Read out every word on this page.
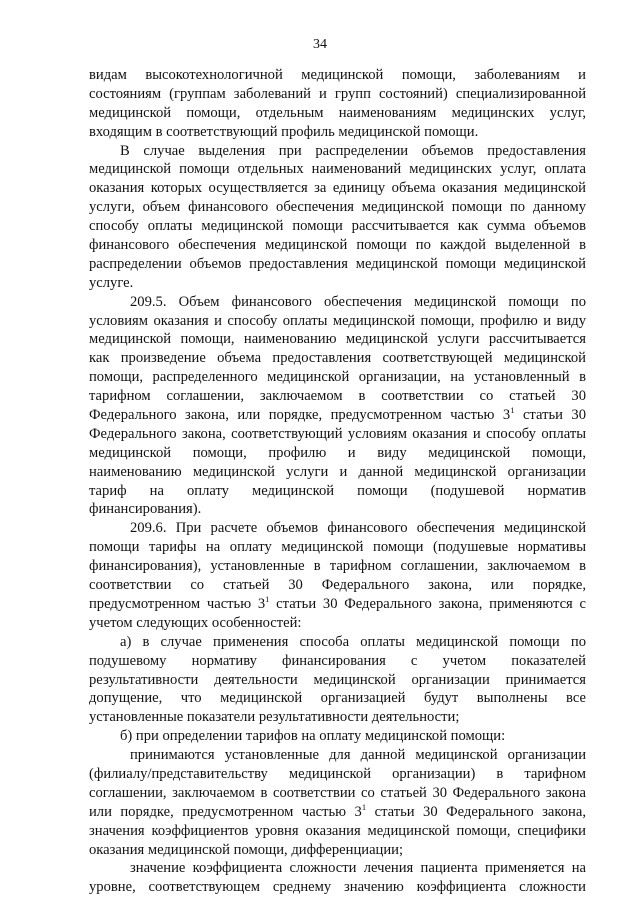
34
видам высокотехнологичной медицинской помощи, заболеваниям и
состояниям (группам заболеваний и групп состояний) специализированной
медицинской помощи, отдельным наименованиям медицинских услуг,
входящим в соответствующий профиль медицинской помощи.
В случае выделения при распределении объемов предоставления
медицинской помощи отдельных наименований медицинских услуг, оплата
оказания которых осуществляется за единицу объема оказания медицинской
услуги, объем финансового обеспечения медицинской помощи по данному
способу оплаты медицинской помощи рассчитывается как сумма объемов
финансового обеспечения медицинской помощи по каждой выделенной в
распределении объемов предоставления медицинской помощи медицинской
услуге.
209.5. Объем финансового обеспечения медицинской помощи по
условиям оказания и способу оплаты медицинской помощи, профилю и виду
медицинской помощи, наименованию медицинской услуги рассчитывается
как произведение объема предоставления соответствующей медицинской
помощи, распределенного медицинской организации, на установленный в
тарифном соглашении, заключаемом в соответствии со статьей 30
Федерального закона, или порядке, предусмотренном частью $3^1$ статьи 30
Федерального закона, соответствующий условиям оказания и способу оплаты
медицинской помощи, профилю и виду медицинской помощи,
наименованию медицинской услуги и данной медицинской организации
тариф на оплату медицинской помощи (подушевой норматив
финансирования).
209.6. При расчете объемов финансового обеспечения медицинской
помощи тарифы на оплату медицинской помощи (подушевые нормативы
финансирования), установленные в тарифном соглашении, заключаемом в
соответствии со статьей 30 Федерального закона, или порядке,
предусмотренном частью $3^1$ статьи 30 Федерального закона, применяются с
учетом следующих особенностей:
а) в случае применения способа оплаты медицинской помощи по
подушевому нормативу финансирования с учетом показателей
результативности деятельности медицинской организации принимается
допущение, что медицинской организацией будут выполнены все
установленные показатели результативности деятельности;
б) при определении тарифов на оплату медицинской помощи:
принимаются установленные для данной медицинской организации
(филиалу/представительству медицинской организации) в тарифном
соглашении, заключаемом в соответствии со статьей 30 Федерального закона
или порядке, предусмотренном частью $3^1$ статьи 30 Федерального закона,
значения коэффициентов уровня оказания медицинской помощи, специфики
оказания медицинской помощи, дифференциации;
значение коэффициента сложности лечения пациента применяется на
уровне, соответствующем среднему значению коэффициента сложности
